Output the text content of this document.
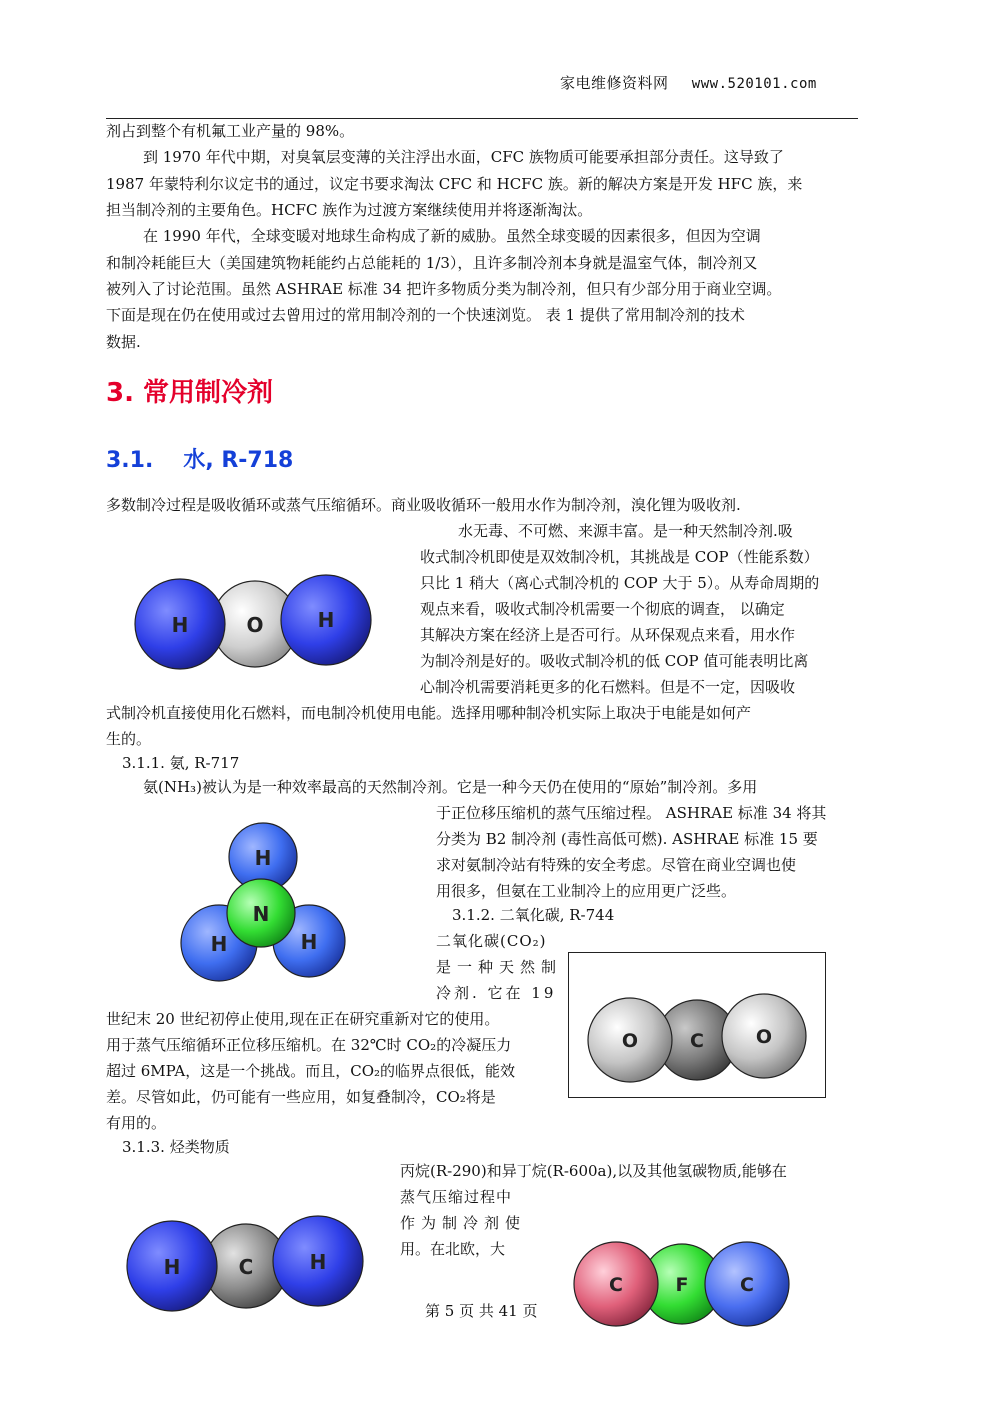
家电维修资料网 www.520101.com
剂占到整个有机氟工业产量的 98%。
到 1970 年代中期，对臭氧层变薄的关注浮出水面，CFC 族物质可能要承担部分责任。这导致了
1987 年蒙特利尔议定书的通过，议定书要求淘汰 CFC 和 HCFC 族。新的解决方案是开发 HFC 族，来
担当制冷剂的主要角色。HCFC 族作为过渡方案继续使用并将逐渐淘汰。
在 1990 年代，全球变暖对地球生命构成了新的威胁。虽然全球变暖的因素很多，但因为空调
和制冷耗能巨大（美国建筑物耗能约占总能耗的 1/3），且许多制冷剂本身就是温室气体，制冷剂又
被列入了讨论范围。虽然 ASHRAE 标准 34 把许多物质分类为制冷剂，但只有少部分用于商业空调。
下面是现在仍在使用或过去曾用过的常用制冷剂的一个快速浏览。 表 1 提供了常用制冷剂的技术
数据.
3. 常用制冷剂
3.1. 水, R-718
多数制冷过程是吸收循环或蒸气压缩循环。商业吸收循环一般用水作为制冷剂，溴化锂为吸收剂.
水无毒、不可燃、来源丰富。是一种天然制冷剂.吸
收式制冷机即使是双效制冷机，其挑战是 COP（性能系数）
只比 1 稍大（离心式制冷机的 COP 大于 5）。从寿命周期的
观点来看，吸收式制冷机需要一个彻底的调查， 以确定
其解决方案在经济上是否可行。从环保观点来看，用水作
为制冷剂是好的。吸收式制冷机的低 COP 值可能表明比离
心制冷机需要消耗更多的化石燃料。但是不一定，因吸收
式制冷机直接使用化石燃料，而电制冷机使用电能。选择用哪种制冷机实际上取决于电能是如何产
生的。
H	O	H
3.1.1. 氨, R-717
氨(NH₃)被认为是一种效率最高的天然制冷剂。它是一种今天仍在使用的“原始”制冷剂。多用
于正位移压缩机的蒸气压缩过程。 ASHRAE 标准 34 将其
分类为 B2 制冷剂 (毒性高低可燃). ASHRAE 标准 15 要
求对氨制冷站有特殊的安全考虑。尽管在商业空调也使
用很多，但氨在工业制冷上的应用更广泛些。
H
N
H	H
3.1.2. 二氧化碳, R-744
二氧化碳(CO₂)
是一种天然制
冷剂. 它在 19
世纪末 20 世纪初停止使用,现在正在研究重新对它的使用。
用于蒸气压缩循环正位移压缩机。在 32℃时 CO₂的冷凝压力
超过 6MPA，这是一个挑战。而且，CO₂的临界点很低，能效
差。尽管如此，仍可能有一些应用，如复叠制冷，CO₂将是
有用的。
O	C	O
3.1.3. 烃类物质
丙烷(R-290)和异丁烷(R-600a),以及其他氢碳物质,能够在
蒸气压缩过程中
作为制冷剂使
用。在北欧，大
H	C	H
C	F	C
第 5 页 共 41 页
